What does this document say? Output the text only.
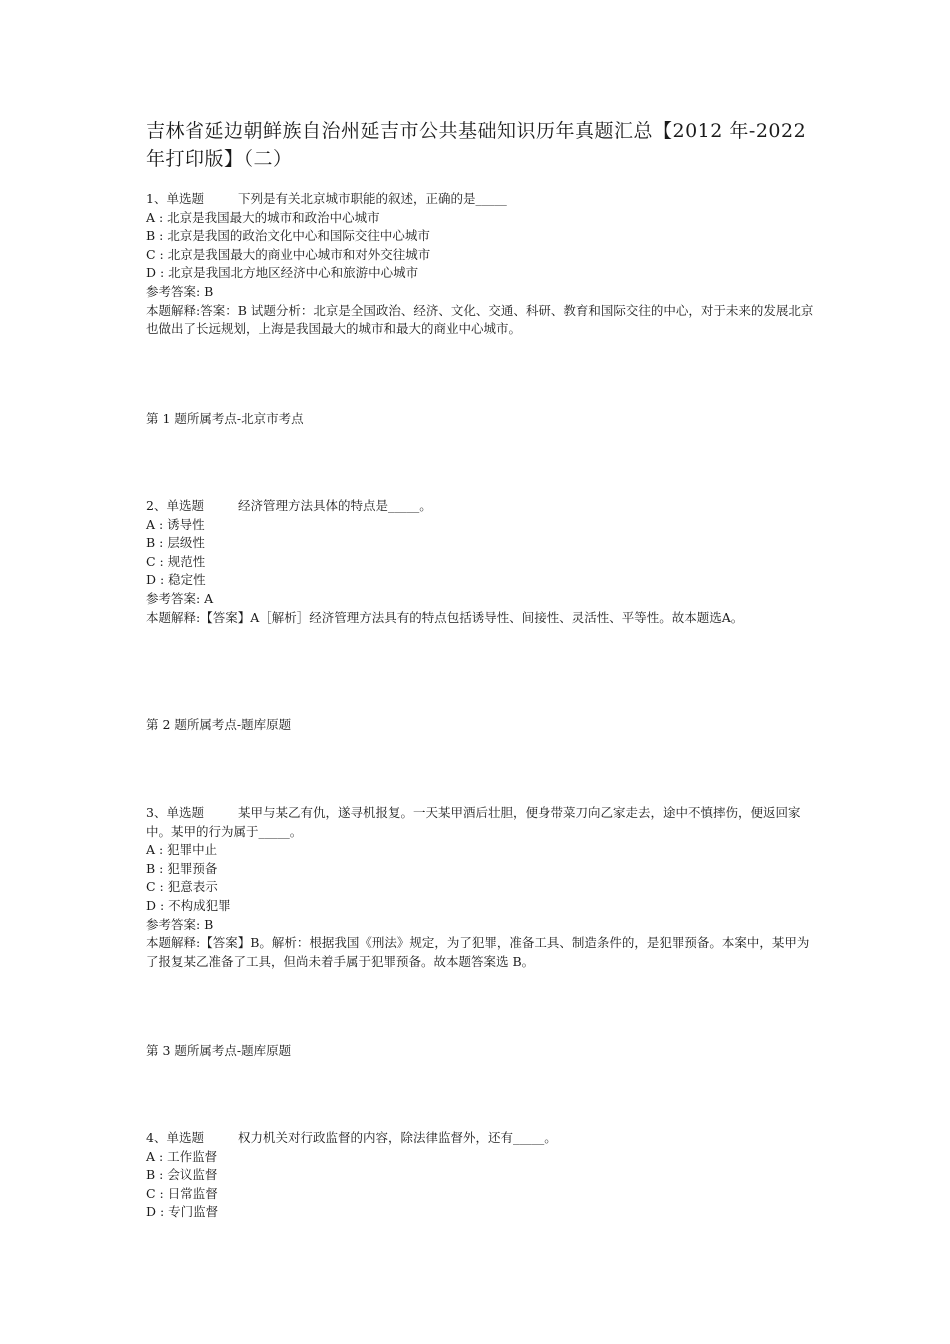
吉林省延边朝鲜族自治州延吉市公共基础知识历年真题汇总【2012 年-2022 年打印版】（二）
1、单选题	下列是有关北京城市职能的叙述，正确的是_____
A : 北京是我国最大的城市和政治中心城市
B : 北京是我国的政治文化中心和国际交往中心城市
C : 北京是我国最大的商业中心城市和对外交往城市
D : 北京是我国北方地区经济中心和旅游中心城市
参考答案: B
本题解释:答案：B 试题分析：北京是全国政治、经济、文化、交通、科研、教育和国际交往的中心，对于未来的发展北京也做出了长远规划，上海是我国最大的城市和最大的商业中心城市。
第 1 题所属考点-北京市考点
2、单选题	经济管理方法具体的特点是_____。
A : 诱导性
B : 层级性
C : 规范性
D : 稳定性
参考答案: A
本题解释:【答案】A［解析］经济管理方法具有的特点包括诱导性、间接性、灵活性、平等性。故本题选A。
第 2 题所属考点-题库原题
3、单选题	某甲与某乙有仇，遂寻机报复。一天某甲酒后壮胆，便身带菜刀向乙家走去，途中不慎摔伤，便返回家中。某甲的行为属于_____。
A : 犯罪中止
B : 犯罪预备
C : 犯意表示
D : 不构成犯罪
参考答案: B
本题解释:【答案】B。解析：根据我国《刑法》规定，为了犯罪，准备工具、制造条件的，是犯罪预备。本案中，某甲为了报复某乙准备了工具，但尚未着手属于犯罪预备。故本题答案选 B。
第 3 题所属考点-题库原题
4、单选题	权力机关对行政监督的内容，除法律监督外，还有_____。
A : 工作监督
B : 会议监督
C : 日常监督
D : 专门监督
